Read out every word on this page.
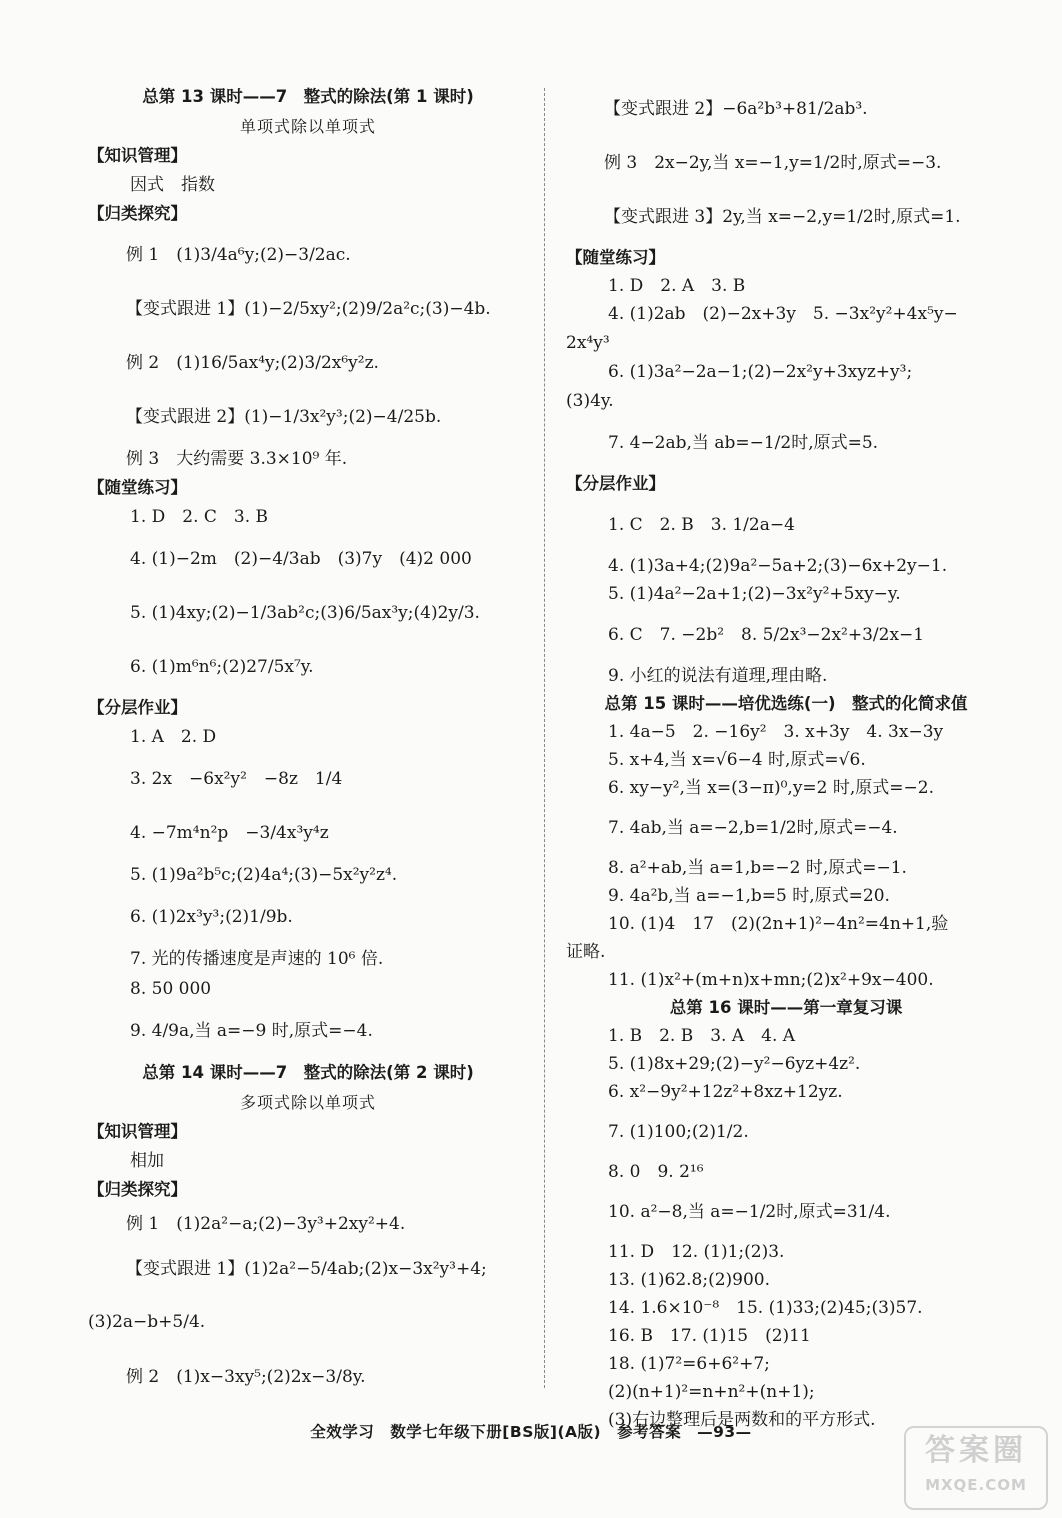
总第 13 课时——7　整式的除法(第 1 课时)
单项式除以单项式
【知识管理】
因式　指数
【归类探究】
例 1　(1)3/4a⁶y;(2)−3/2ac.
【变式跟进 1】(1)−2/5xy²;(2)9/2a²c;(3)−4b.
例 2　(1)16/5ax⁴y;(2)3/2x⁶y²z.
【变式跟进 2】(1)−1/3x²y³;(2)−4/25b.
例 3　大约需要 3.3×10⁹ 年.
【随堂练习】
1. D　2. C　3. B
4. (1)−2m　(2)−4/3ab　(3)7y　(4)2 000
5. (1)4xy;(2)−1/3ab²c;(3)6/5ax³y;(4)2y/3.
6. (1)m⁶n⁶;(2)27/5x⁷y.
【分层作业】
1. A　2. D
3. 2x　−6x²y²　−8z　1/4
4. −7m⁴n²p　−3/4x³y⁴z
5. (1)9a²b⁵c;(2)4a⁴;(3)−5x²y²z⁴.
6. (1)2x³y³;(2)1/9b.
7. 光的传播速度是声速的 10⁶ 倍.
8. 50 000
9. 4/9a,当 a=−9 时,原式=−4.
总第 14 课时——7　整式的除法(第 2 课时)
多项式除以单项式
【知识管理】
相加
【归类探究】
例 1　(1)2a²−a;(2)−3y³+2xy²+4.
【变式跟进 1】(1)2a²−5/4ab;(2)x−3x²y³+4;
(3)2a−b+5/4.
例 2　(1)x−3xy⁵;(2)2x−3/8y.
【变式跟进 2】−6a²b³+81/2ab³.
例 3　2x−2y,当 x=−1,y=1/2时,原式=−3.
【变式跟进 3】2y,当 x=−2,y=1/2时,原式=1.
【随堂练习】
1. D　2. A　3. B
4. (1)2ab　(2)−2x+3y　5. −3x²y²+4x⁵y−
2x⁴y³
6. (1)3a²−2a−1;(2)−2x²y+3xyz+y³;
(3)4y.
7. 4−2ab,当 ab=−1/2时,原式=5.
【分层作业】
1. C　2. B　3. 1/2a−4
4. (1)3a+4;(2)9a²−5a+2;(3)−6x+2y−1.
5. (1)4a²−2a+1;(2)−3x²y²+5xy−y.
6. C　7. −2b²　8. 5/2x³−2x²+3/2x−1
9. 小红的说法有道理,理由略.
总第 15 课时——培优选练(一)　整式的化简求值
1. 4a−5　2. −16y²　3. x+3y　4. 3x−3y
5. x+4,当 x=√6−4 时,原式=√6.
6. xy−y²,当 x=(3−π)⁰,y=2 时,原式=−2.
7. 4ab,当 a=−2,b=1/2时,原式=−4.
8. a²+ab,当 a=1,b=−2 时,原式=−1.
9. 4a²b,当 a=−1,b=5 时,原式=20.
10. (1)4　17　(2)(2n+1)²−4n²=4n+1,验
证略.
11. (1)x²+(m+n)x+mn;(2)x²+9x−400.
总第 16 课时——第一章复习课
1. B　2. B　3. A　4. A
5. (1)8x+29;(2)−y²−6yz+4z².
6. x²−9y²+12z²+8xz+12yz.
7. (1)100;(2)1/2.
8. 0　9. 2¹⁶
10. a²−8,当 a=−1/2时,原式=31/4.
11. D　12. (1)1;(2)3.
13. (1)62.8;(2)900.
14. 1.6×10⁻⁸　15. (1)33;(2)45;(3)57.
16. B　17. (1)15　(2)11
18. (1)7²=6+6²+7;
(2)(n+1)²=n+n²+(n+1);
(3)右边整理后是两数和的平方形式.
全效学习　数学七年级下册[BS版](A版)　参考答案　—93—
答案圈
MXQE.COM
